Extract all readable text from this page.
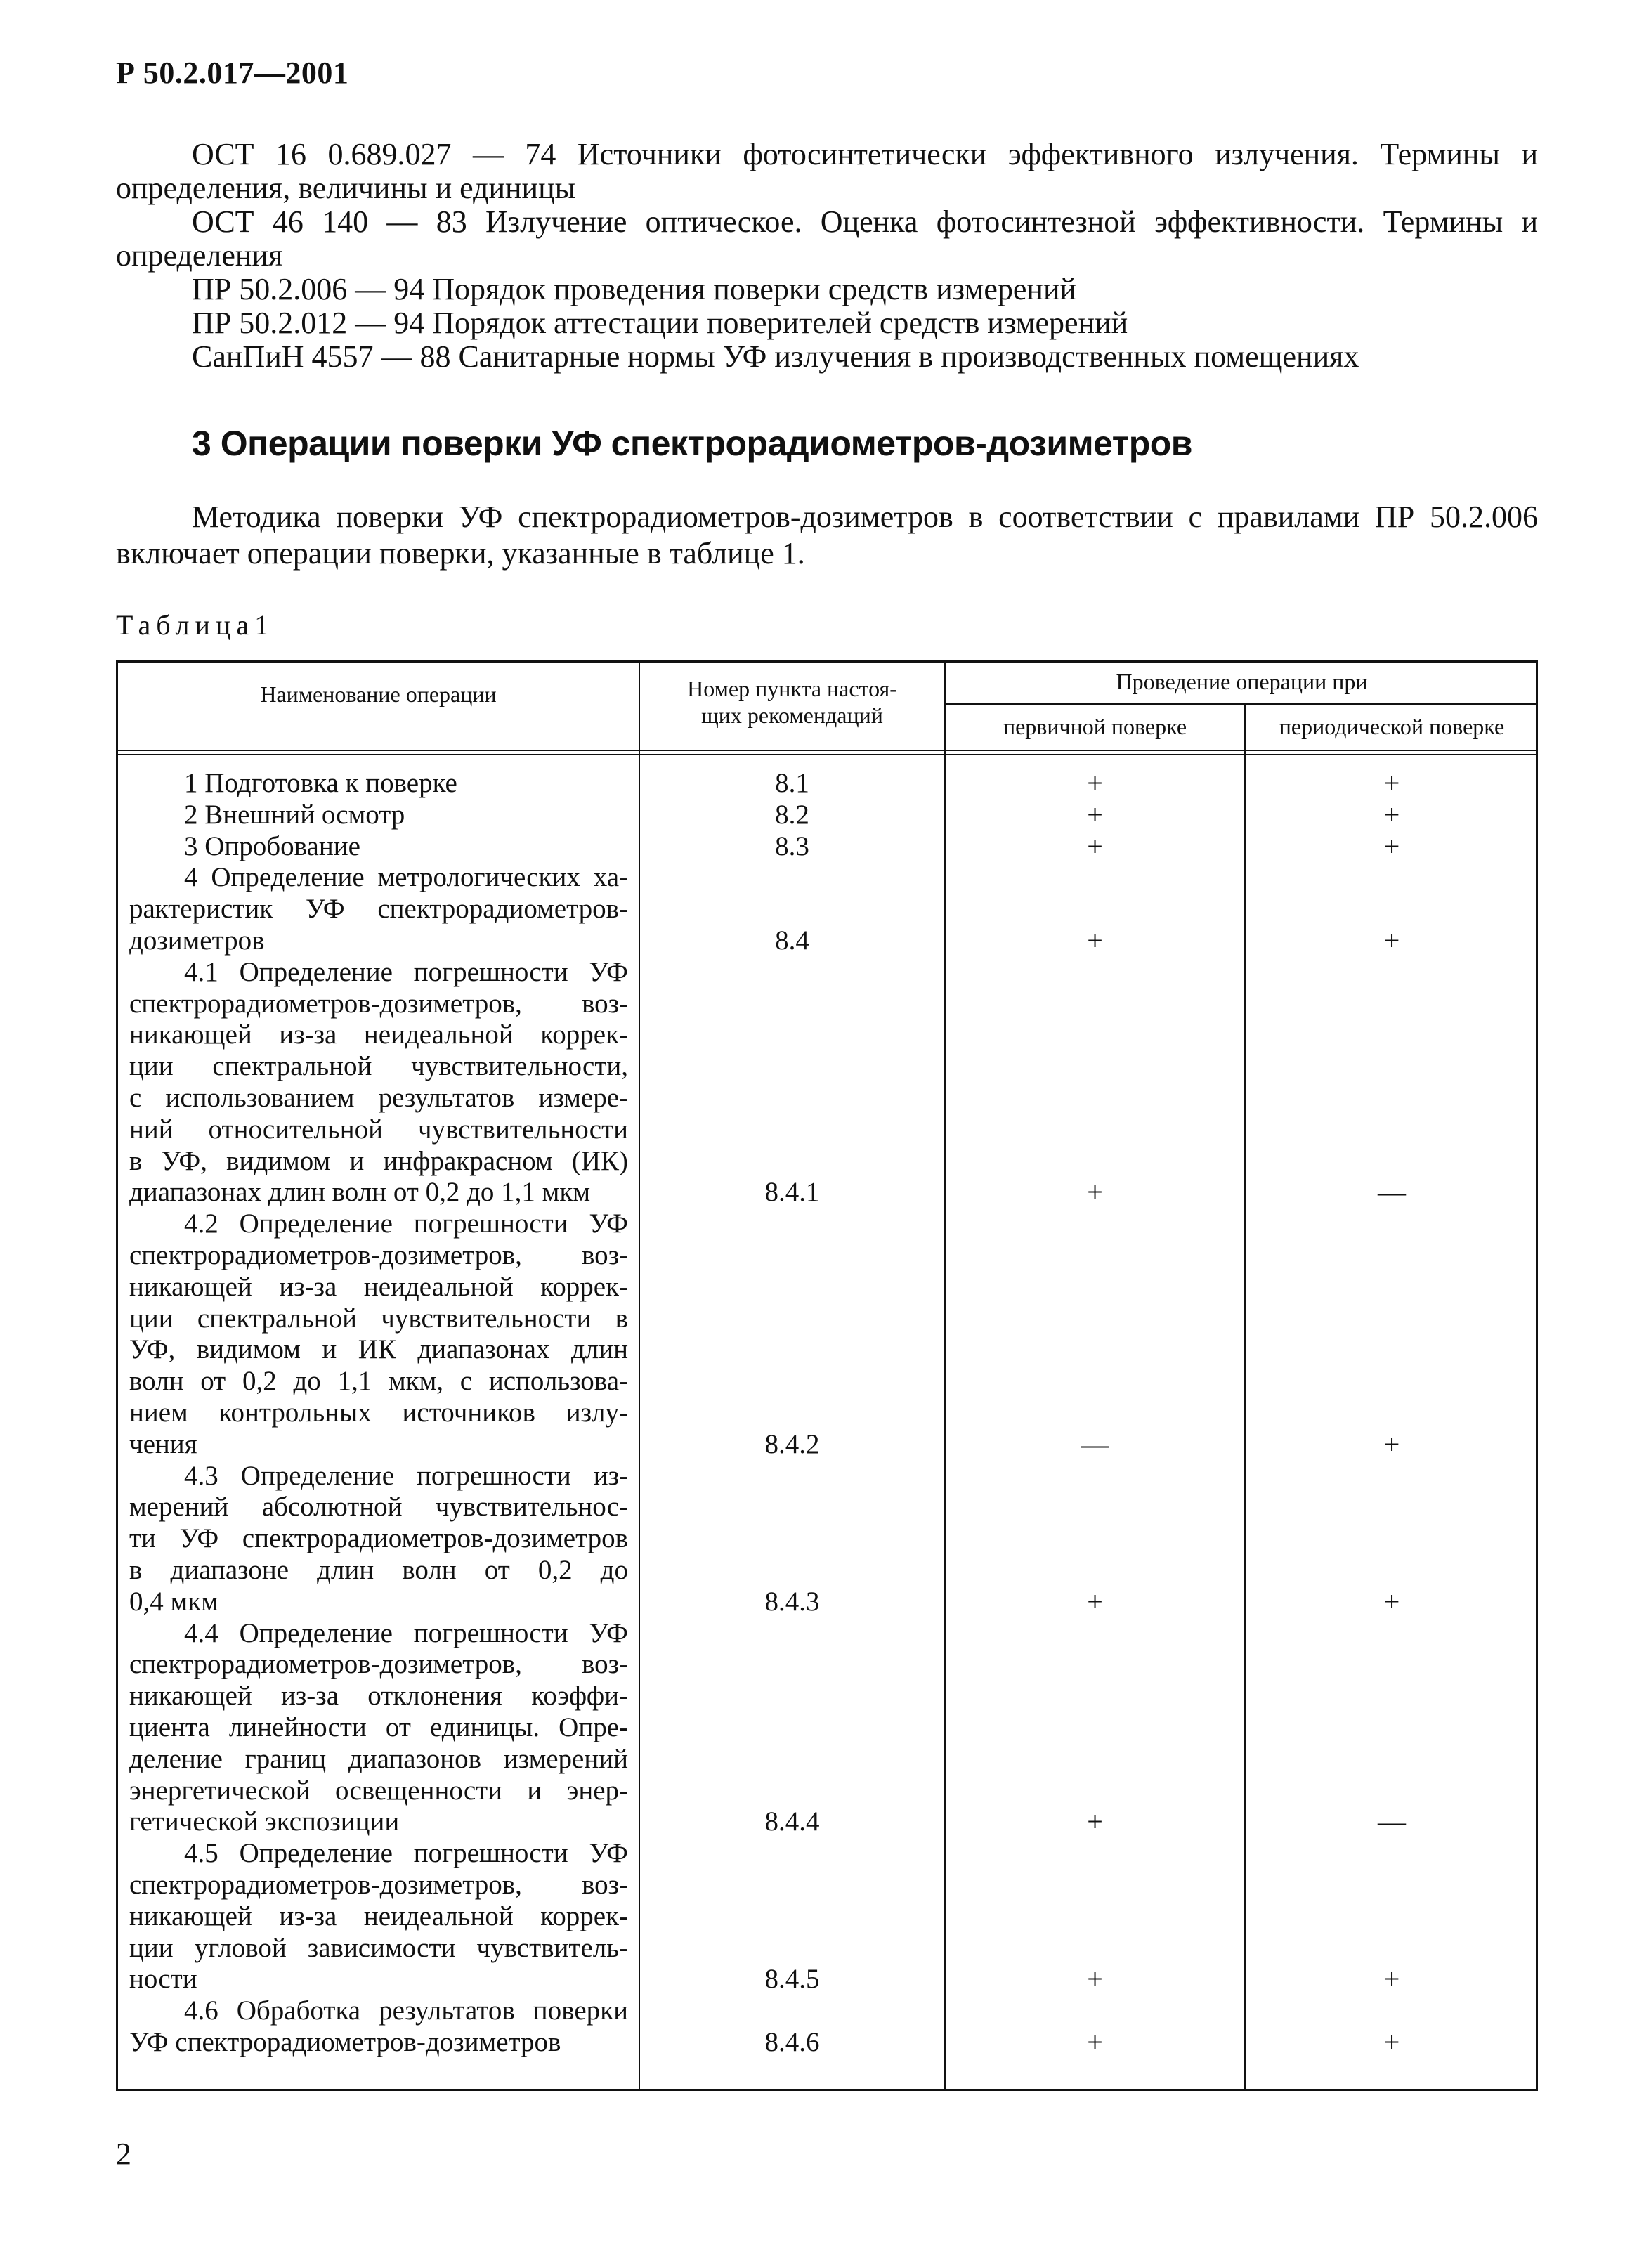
Р 50.2.017—2001

ОСТ 16 0.689.027 — 74 Источники фотосинтетически эффективного излучения. Термины и определения, величины и единицы

ОСТ 46 140 — 83 Излучение оптическое. Оценка фотосинтезной эффективности. Термины и определения

ПР 50.2.006 — 94 Порядок проведения поверки средств измерений

ПР 50.2.012 — 94 Порядок аттестации поверителей средств измерений

СанПиН 4557 — 88 Санитарные нормы УФ излучения в производственных помещениях

3 Операции поверки УФ спектрорадиометров-дозиметров

Методика поверки УФ спектрорадиометров-дозиметров в соответствии с правилами ПР 50.2.006 включает операции поверки, указанные в таблице 1.

Таблица1
Наименование операции	Номер пункта настоя-
щих рекомендаций
Проведение операции при
первичной поверке	периодической поверке
1 Подготовка к поверке	8.1	+	+
2 Внешний осмотр	8.2	+	+
3 Опробование	8.3	+	+
4 Определение метрологических ха-
рактеристик УФ спектрорадиометров-
дозиметров	8.4	+	+
4.1 Определение погрешности УФ
спектрорадиометров-дозиметров, воз-
никающей из-за неидеальной коррек-
ции спектральной чувствительности,
с использованием результатов измере-
ний относительной чувствительности
в УФ, видимом и инфракрасном (ИК)
диапазонах длин волн от 0,2 до 1,1 мкм	8.4.1	+	—
4.2 Определение погрешности УФ
спектрорадиометров-дозиметров, воз-
никающей из-за неидеальной коррек-
ции спектральной чувствительности в
УФ, видимом и ИК диапазонах длин
волн от 0,2 до 1,1 мкм, с использова-
нием контрольных источников излу-
чения	8.4.2	—	+
4.3 Определение погрешности из-
мерений абсолютной чувствительнос-
ти УФ спектрорадиометров-дозиметров
в диапазоне длин волн от 0,2 до
0,4 мкм	8.4.3	+	+
4.4 Определение погрешности УФ
спектрорадиометров-дозиметров, воз-
никающей из-за отклонения коэффи-
циента линейности от единицы. Опре-
деление границ диапазонов измерений
энергетической освещенности и энер-
гетической экспозиции	8.4.4	+	—
4.5 Определение погрешности УФ
спектрорадиометров-дозиметров, воз-
никающей из-за неидеальной коррек-
ции угловой зависимости чувствитель-
ности	8.4.5	+	+
4.6 Обработка результатов поверки
УФ спектрорадиометров-дозиметров	8.4.6	+	+
2
